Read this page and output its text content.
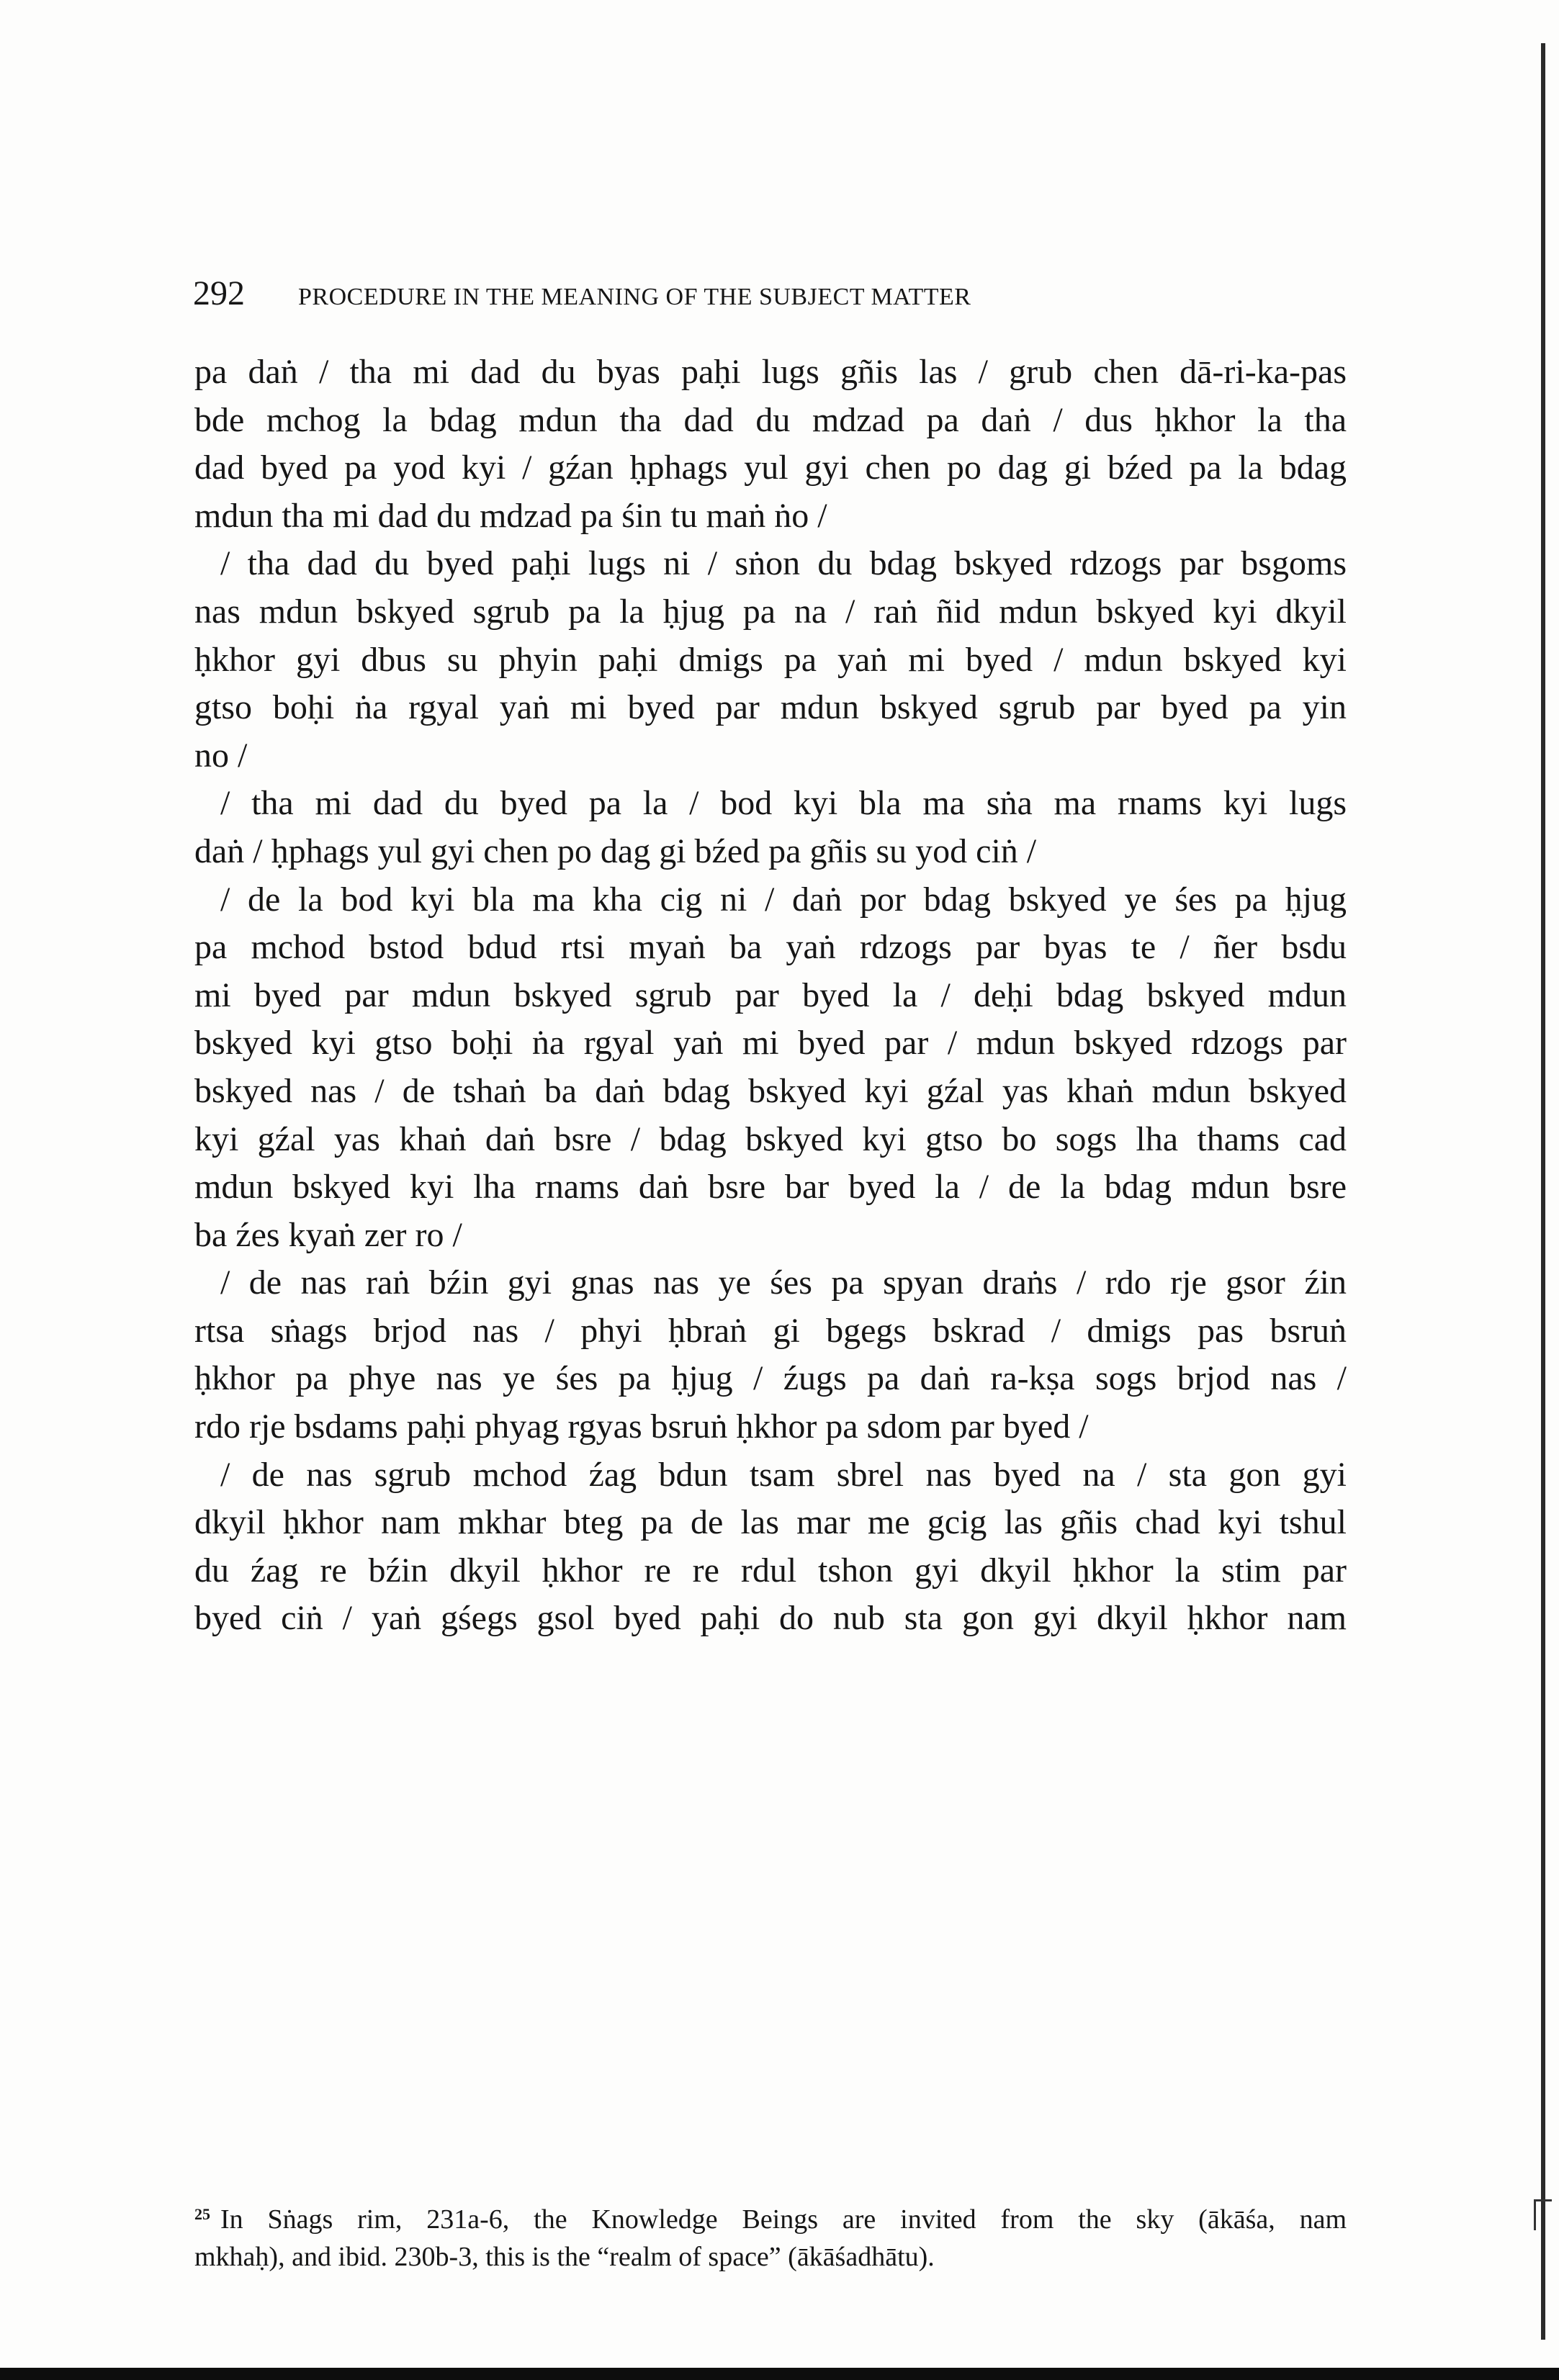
292 PROCEDURE IN THE MEANING OF THE SUBJECT MATTER
pa daṅ / tha mi dad du byas paḥi lugs gñis las / grub chen dā-ri-ka-pas
bde mchog la bdag mdun tha dad du mdzad pa daṅ / dus ḥkhor la tha
dad byed pa yod kyi / gźan ḥphags yul gyi chen po dag gi bźed pa la bdag
mdun tha mi dad du mdzad pa śin tu maṅ ṅo /
/ tha dad du byed paḥi lugs ni / sṅon du bdag bskyed rdzogs par bsgoms
nas mdun bskyed sgrub pa la ḥjug pa na / raṅ ñid mdun bskyed kyi dkyil
ḥkhor gyi dbus su phyin paḥi dmigs pa yaṅ mi byed / mdun bskyed kyi
gtso boḥi ṅa rgyal yaṅ mi byed par mdun bskyed sgrub par byed pa yin
no /
/ tha mi dad du byed pa la / bod kyi bla ma sṅa ma rnams kyi lugs
daṅ / ḥphags yul gyi chen po dag gi bźed pa gñis su yod ciṅ /
/ de la bod kyi bla ma kha cig ni / daṅ por bdag bskyed ye śes pa ḥjug
pa mchod bstod bdud rtsi myaṅ ba yaṅ rdzogs par byas te / ñer bsdu
mi byed par mdun bskyed sgrub par byed la / deḥi bdag bskyed mdun
bskyed kyi gtso boḥi ṅa rgyal yaṅ mi byed par / mdun bskyed rdzogs par
bskyed nas / de tshaṅ ba daṅ bdag bskyed kyi gźal yas khaṅ mdun bskyed
kyi gźal yas khaṅ daṅ bsre / bdag bskyed kyi gtso bo sogs lha thams cad
mdun bskyed kyi lha rnams daṅ bsre bar byed la / de la bdag mdun bsre
ba źes kyaṅ zer ro /
/ de nas raṅ bźin gyi gnas nas ye śes pa spyan draṅs / rdo rje gsor źin
rtsa sṅags brjod nas / phyi ḥbraṅ gi bgegs bskrad / dmigs pas bsruṅ
ḥkhor pa phye nas ye śes pa ḥjug / źugs pa daṅ ra-kṣa sogs brjod nas /
rdo rje bsdams paḥi phyag rgyas bsruṅ ḥkhor pa sdom par byed /
/ de nas sgrub mchod źag bdun tsam sbrel nas byed na / sta gon gyi
dkyil ḥkhor nam mkhar bteg pa de las mar me gcig las gñis chad kyi tshul
du źag re bźin dkyil ḥkhor re re rdul tshon gyi dkyil ḥkhor la stim par
byed ciṅ / yaṅ gśegs gsol byed paḥi do nub sta gon gyi dkyil ḥkhor nam
$^{25}$ In Sṅags rim, 231a-6, the Knowledge Beings are invited from the sky (ākāśa, nam
mkhaḥ), and ibid. 230b-3, this is the “realm of space” (ākāśadhātu).
